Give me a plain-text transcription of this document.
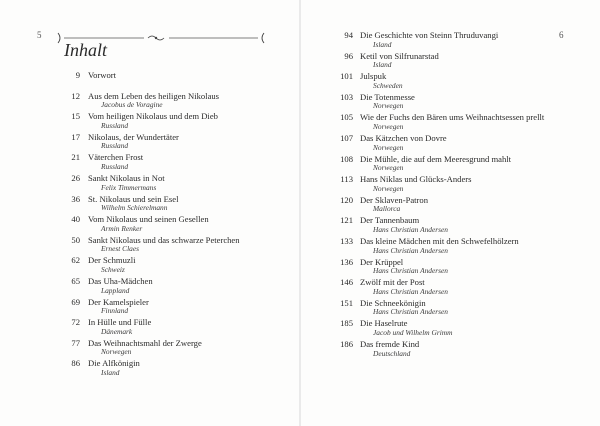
5
Inhalt
9 Vorwort
12 Aus dem Leben des heiligen Nikolaus
Jacobus de Voragine
15 Vom heiligen Nikolaus und dem Dieb
Russland
17 Nikolaus, der Wundertäter
Russland
21 Väterchen Frost
Russland
26 Sankt Nikolaus in Not
Felix Timmermans
36 St. Nikolaus und sein Esel
Wilhelm Schierelmann
40 Vom Nikolaus und seinen Gesellen
Armin Renker
50 Sankt Nikolaus und das schwarze Peterchen
Ernest Claes
62 Der Schmuzli
Schweiz
65 Das Uha-Mädchen
Lappland
69 Der Kamelspieler
Finnland
72 In Hülle und Fülle
Dänemark
77 Das Weihnachtsmahl der Zwerge
Norwegen
86 Die Alfkönigin
Island
6
94 Die Geschichte von Steinn Thruduvangi
Island
96 Ketil von Silfrunarstad
Island
101 Julspuk
Schweden
103 Die Totenmesse
Norwegen
105 Wie der Fuchs den Bären ums Weihnachtsessen prellt
Norwegen
107 Das Kätzchen von Dovre
Norwegen
108 Die Mühle, die auf dem Meeresgrund mahlt
Norwegen
113 Hans Niklas und Glücks-Anders
Norwegen
120 Der Sklaven-Patron
Mallorca
121 Der Tannenbaum
Hans Christian Andersen
133 Das kleine Mädchen mit den Schwefelhölzern
Hans Christian Andersen
136 Der Krüppel
Hans Christian Andersen
146 Zwölf mit der Post
Hans Christian Andersen
151 Die Schneekönigin
Hans Christian Andersen
185 Die Haselrute
Jacob und Wilhelm Grimm
186 Das fremde Kind
Deutschland
